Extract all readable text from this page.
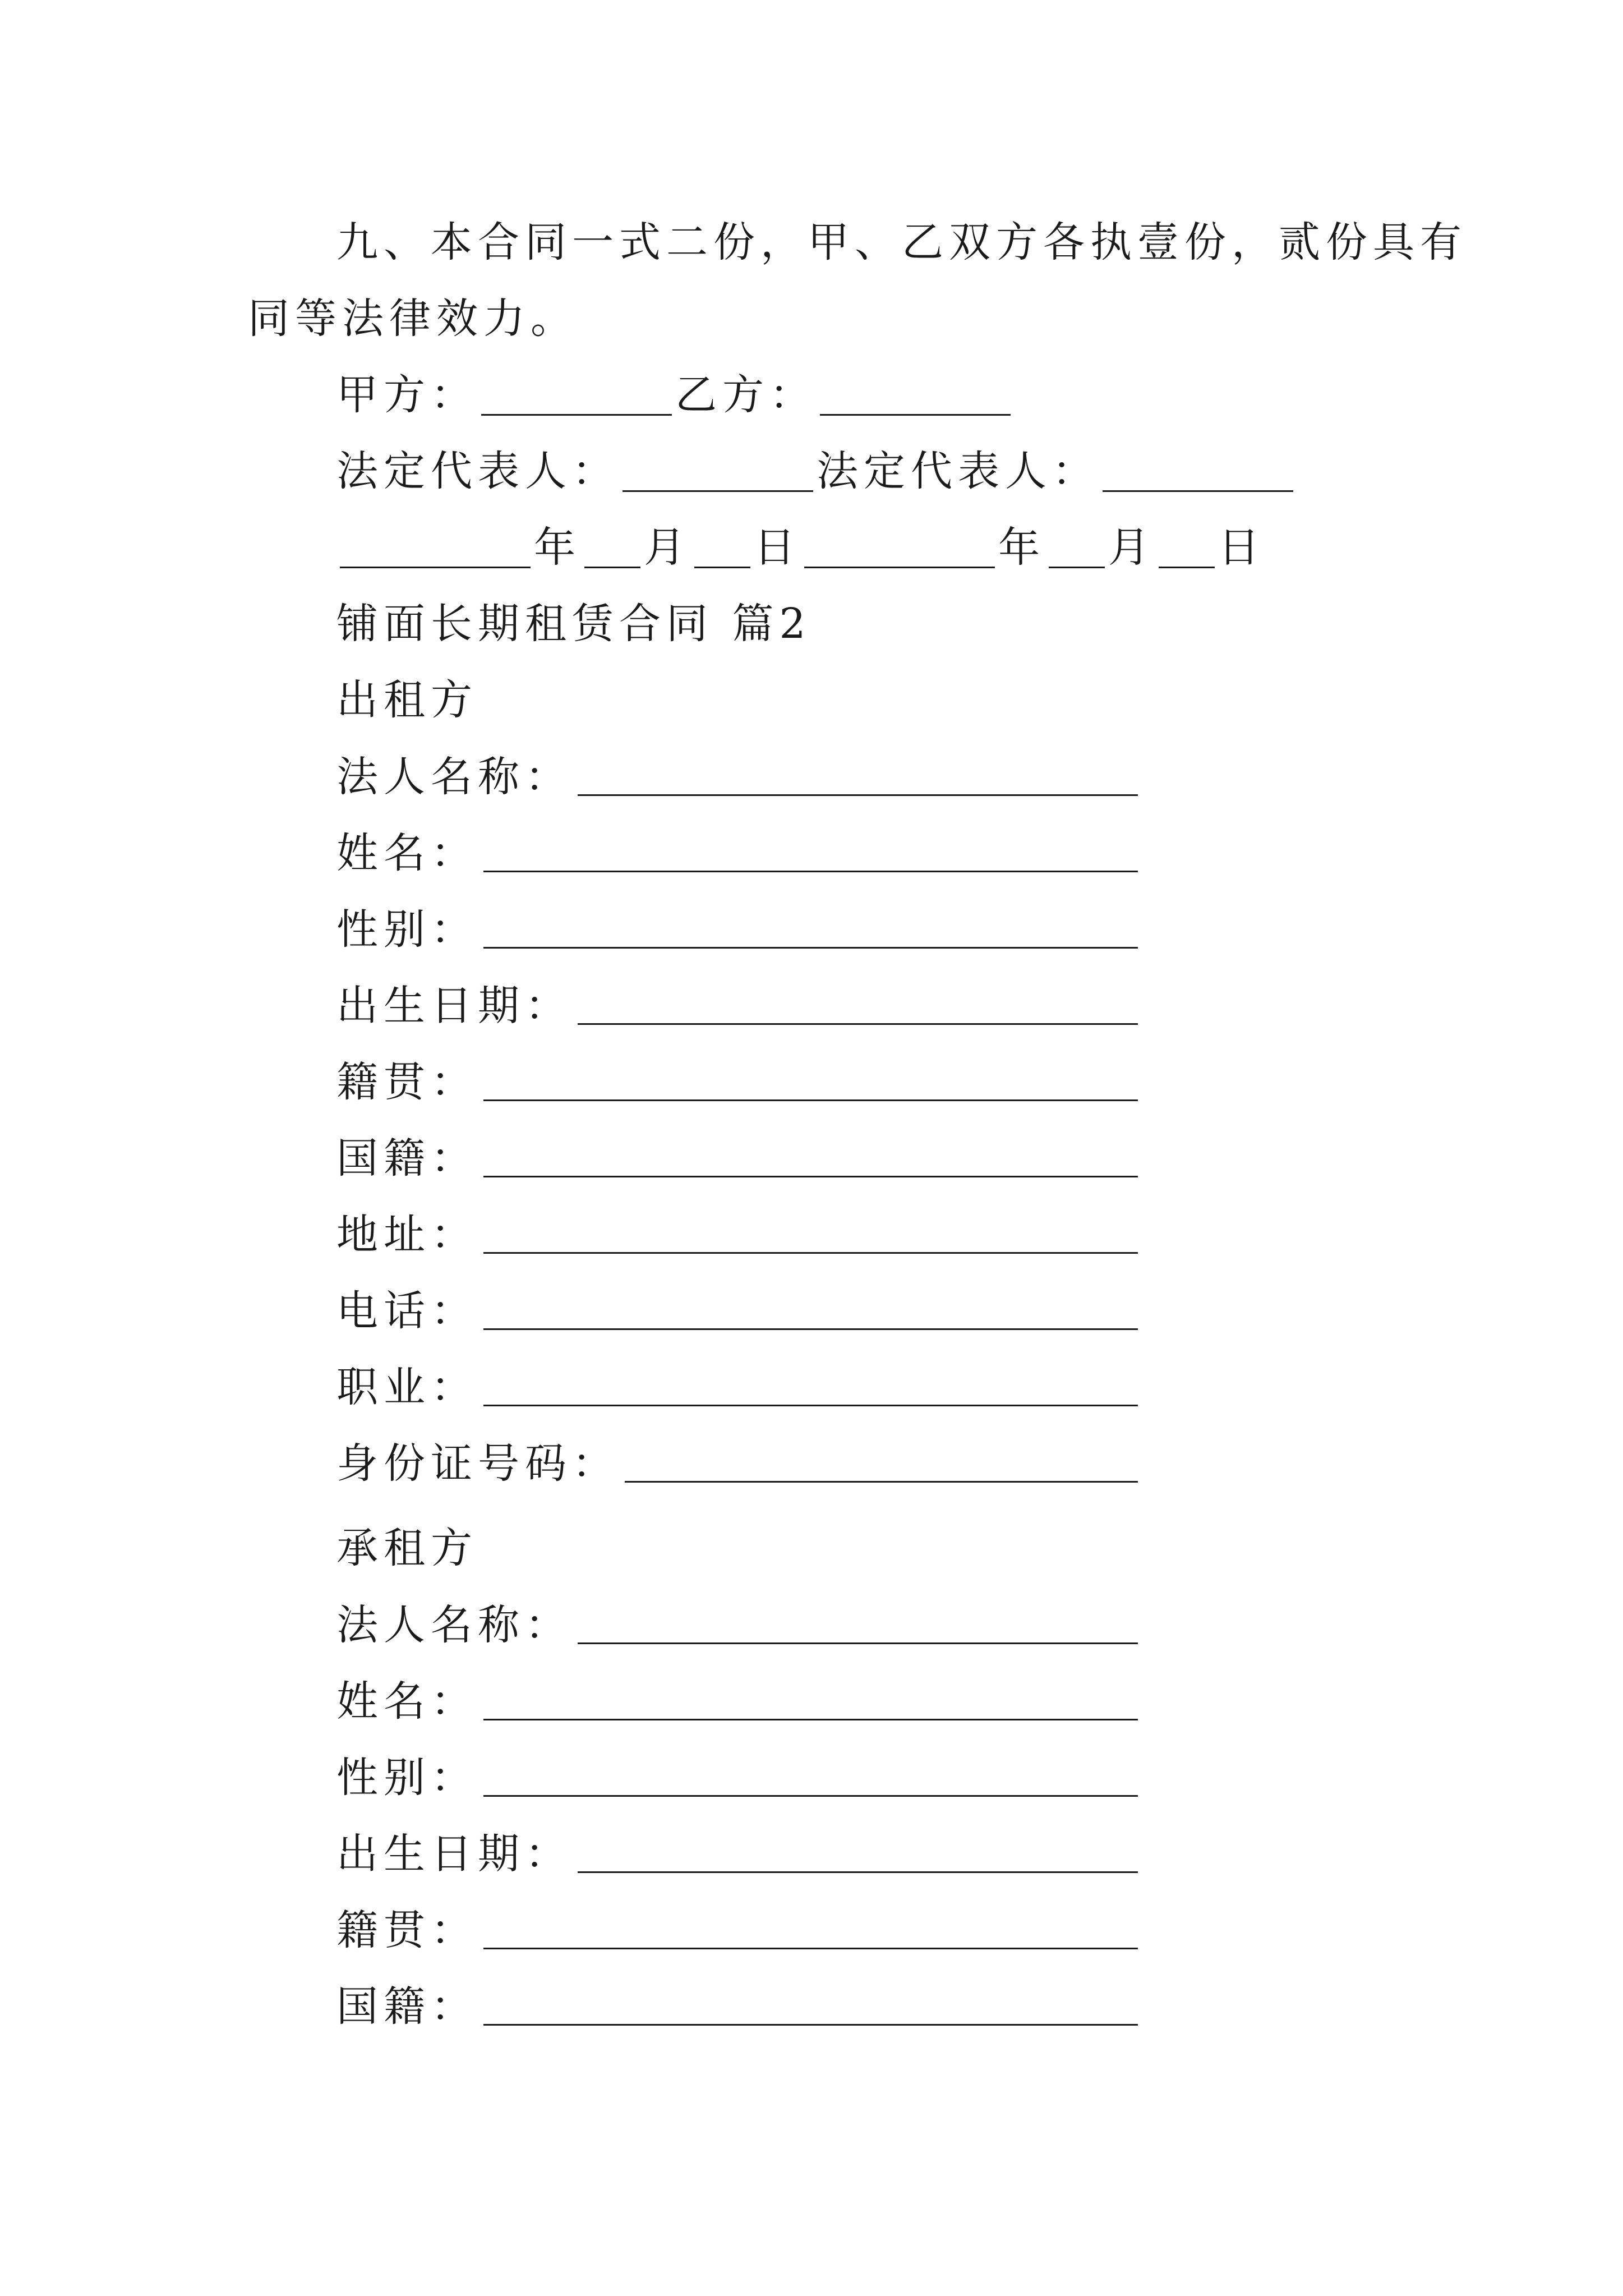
九、本合同一式二份，甲、乙双方各执壹份，贰份具有
同等法律效力。
甲方：	乙方：
法定代表人：	法定代表人：
年 月 日	年 月 日
铺面长期租赁合同 篇2
出租方
法人名称：
姓名：
性别：
出生日期：
籍贯：
国籍：
地址：
电话：
职业：
身份证号码：
承租方
法人名称：
姓名：
性别：
出生日期：
籍贯：
国籍：
